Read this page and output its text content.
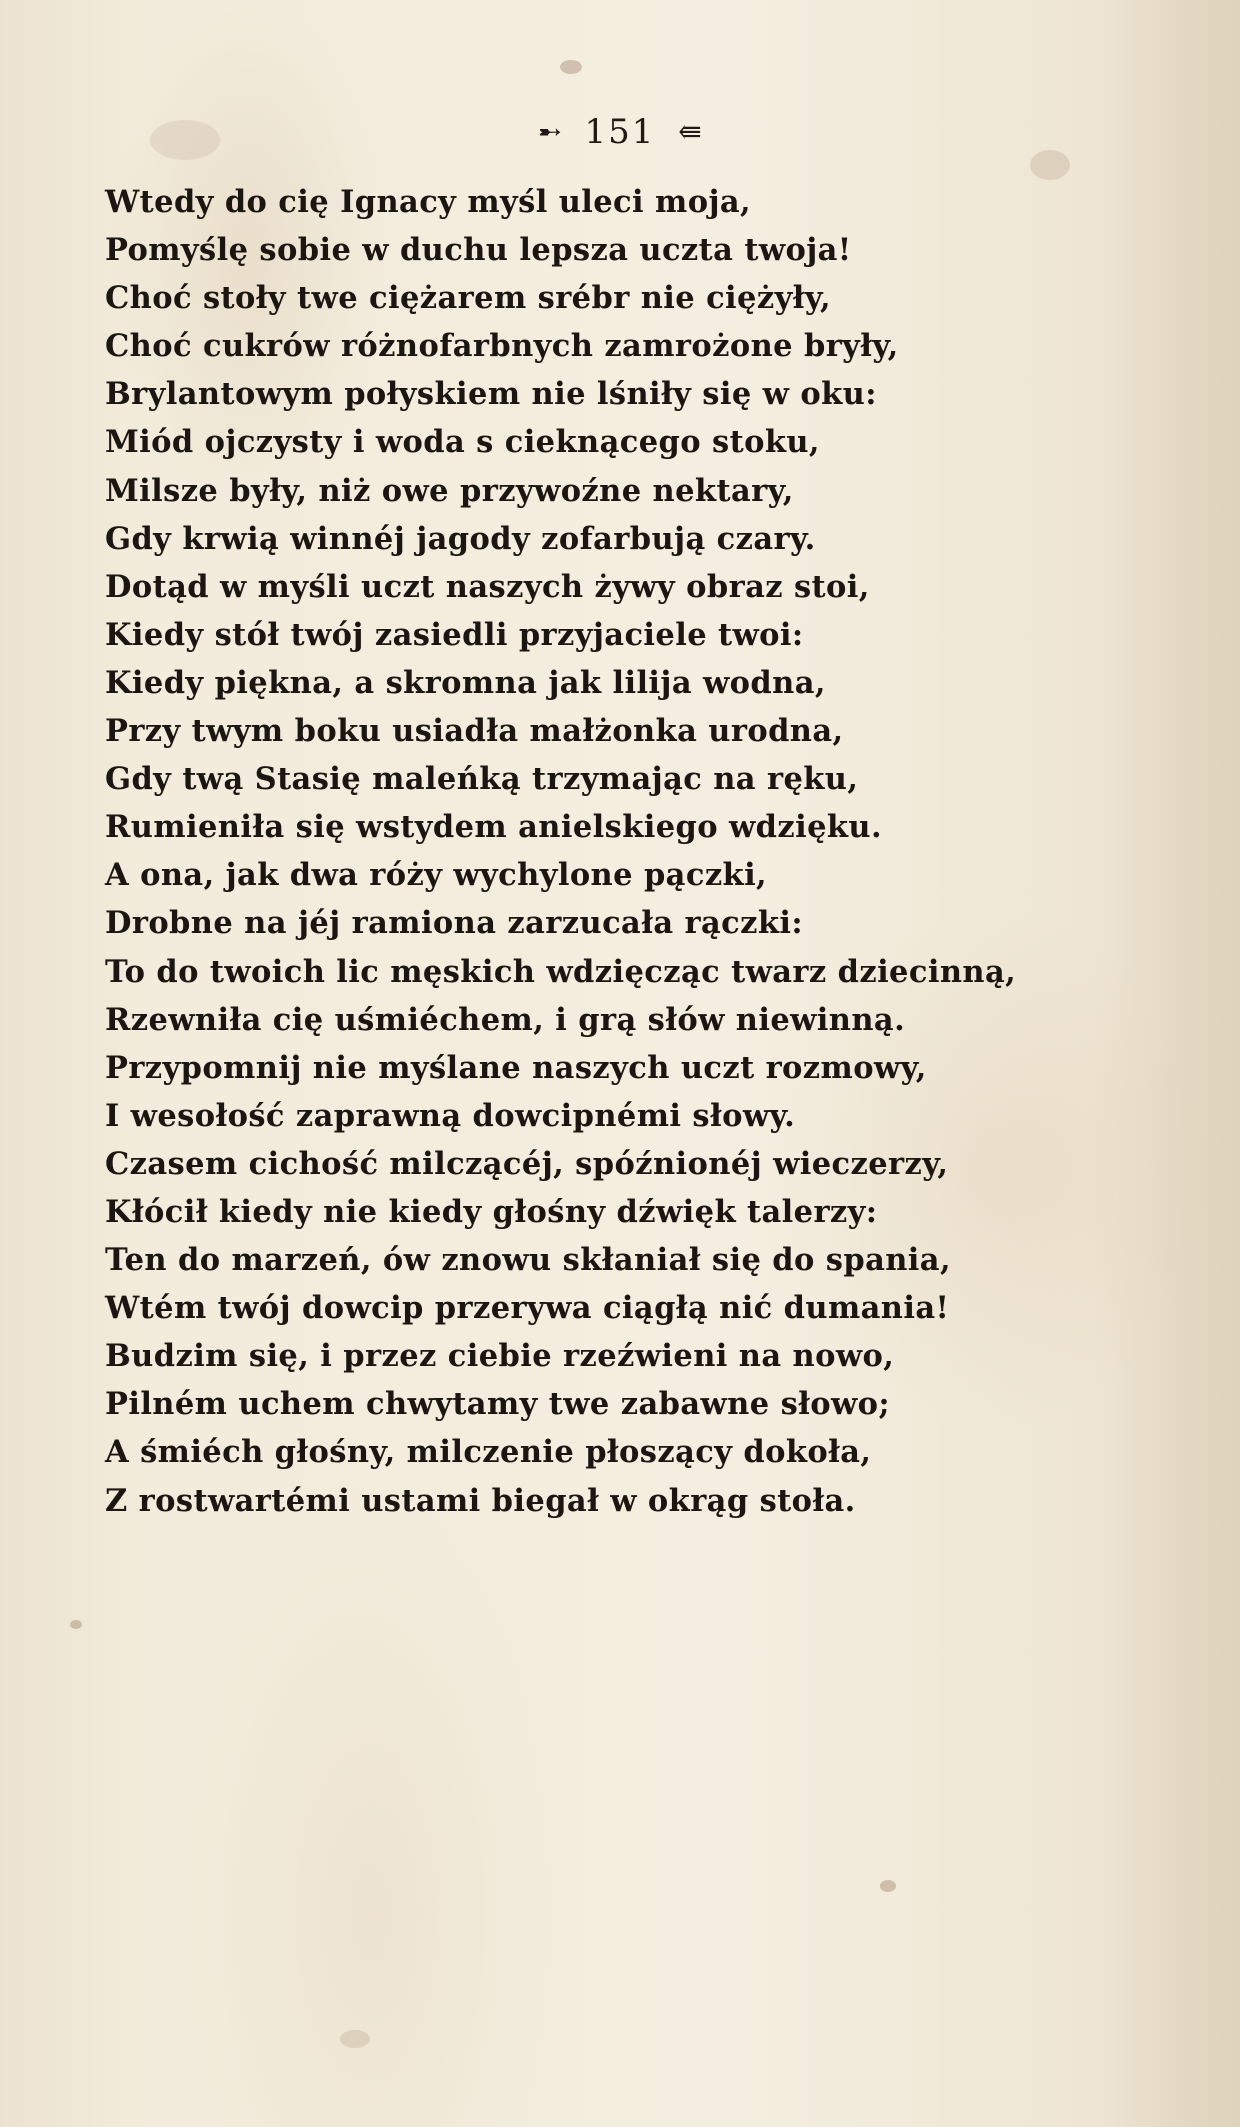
➸ 151 ⇚
Wtedy do cię Ignacy myśl uleci moja,
Pomyślę sobie w duchu lepsza uczta twoja!
Choć stoły twe ciężarem srébr nie ciężyły,
Choć cukrów różnofarbnych zamrożone bryły,
Brylantowym połyskiem nie lśniły się w oku:
Miód ojczysty i woda s cieknącego stoku,
Milsze były, niż owe przywoźne nektary,
Gdy krwią winnéj jagody zofarbują czary.
Dotąd w myśli uczt naszych żywy obraz stoi,
Kiedy stół twój zasiedli przyjaciele twoi:
Kiedy piękna, a skromna jak lilija wodna,
Przy twym boku usiadła małżonka urodna,
Gdy twą Stasię maleńką trzymając na ręku,
Rumieniła się wstydem anielskiego wdzięku.
A ona, jak dwa róży wychylone pączki,
Drobne na jéj ramiona zarzucała rączki:
To do twoich lic męskich wdzięcząc twarz dziecinną,
Rzewniła cię uśmiéchem, i grą słów niewinną.
Przypomnij nie myślane naszych uczt rozmowy,
I wesołość zaprawną dowcipnémi słowy.
Czasem cichość milczącéj, spóźnionéj wieczerzy,
Kłócił kiedy nie kiedy głośny dźwięk talerzy:
Ten do marzeń, ów znowu skłaniał się do spania,
Wtém twój dowcip przerywa ciągłą nić dumania!
Budzim się, i przez ciebie rzeźwieni na nowo,
Pilném uchem chwytamy twe zabawne słowo;
A śmiéch głośny, milczenie płoszący dokoła,
Z rostwartémi ustami biegał w okrąg stoła.
